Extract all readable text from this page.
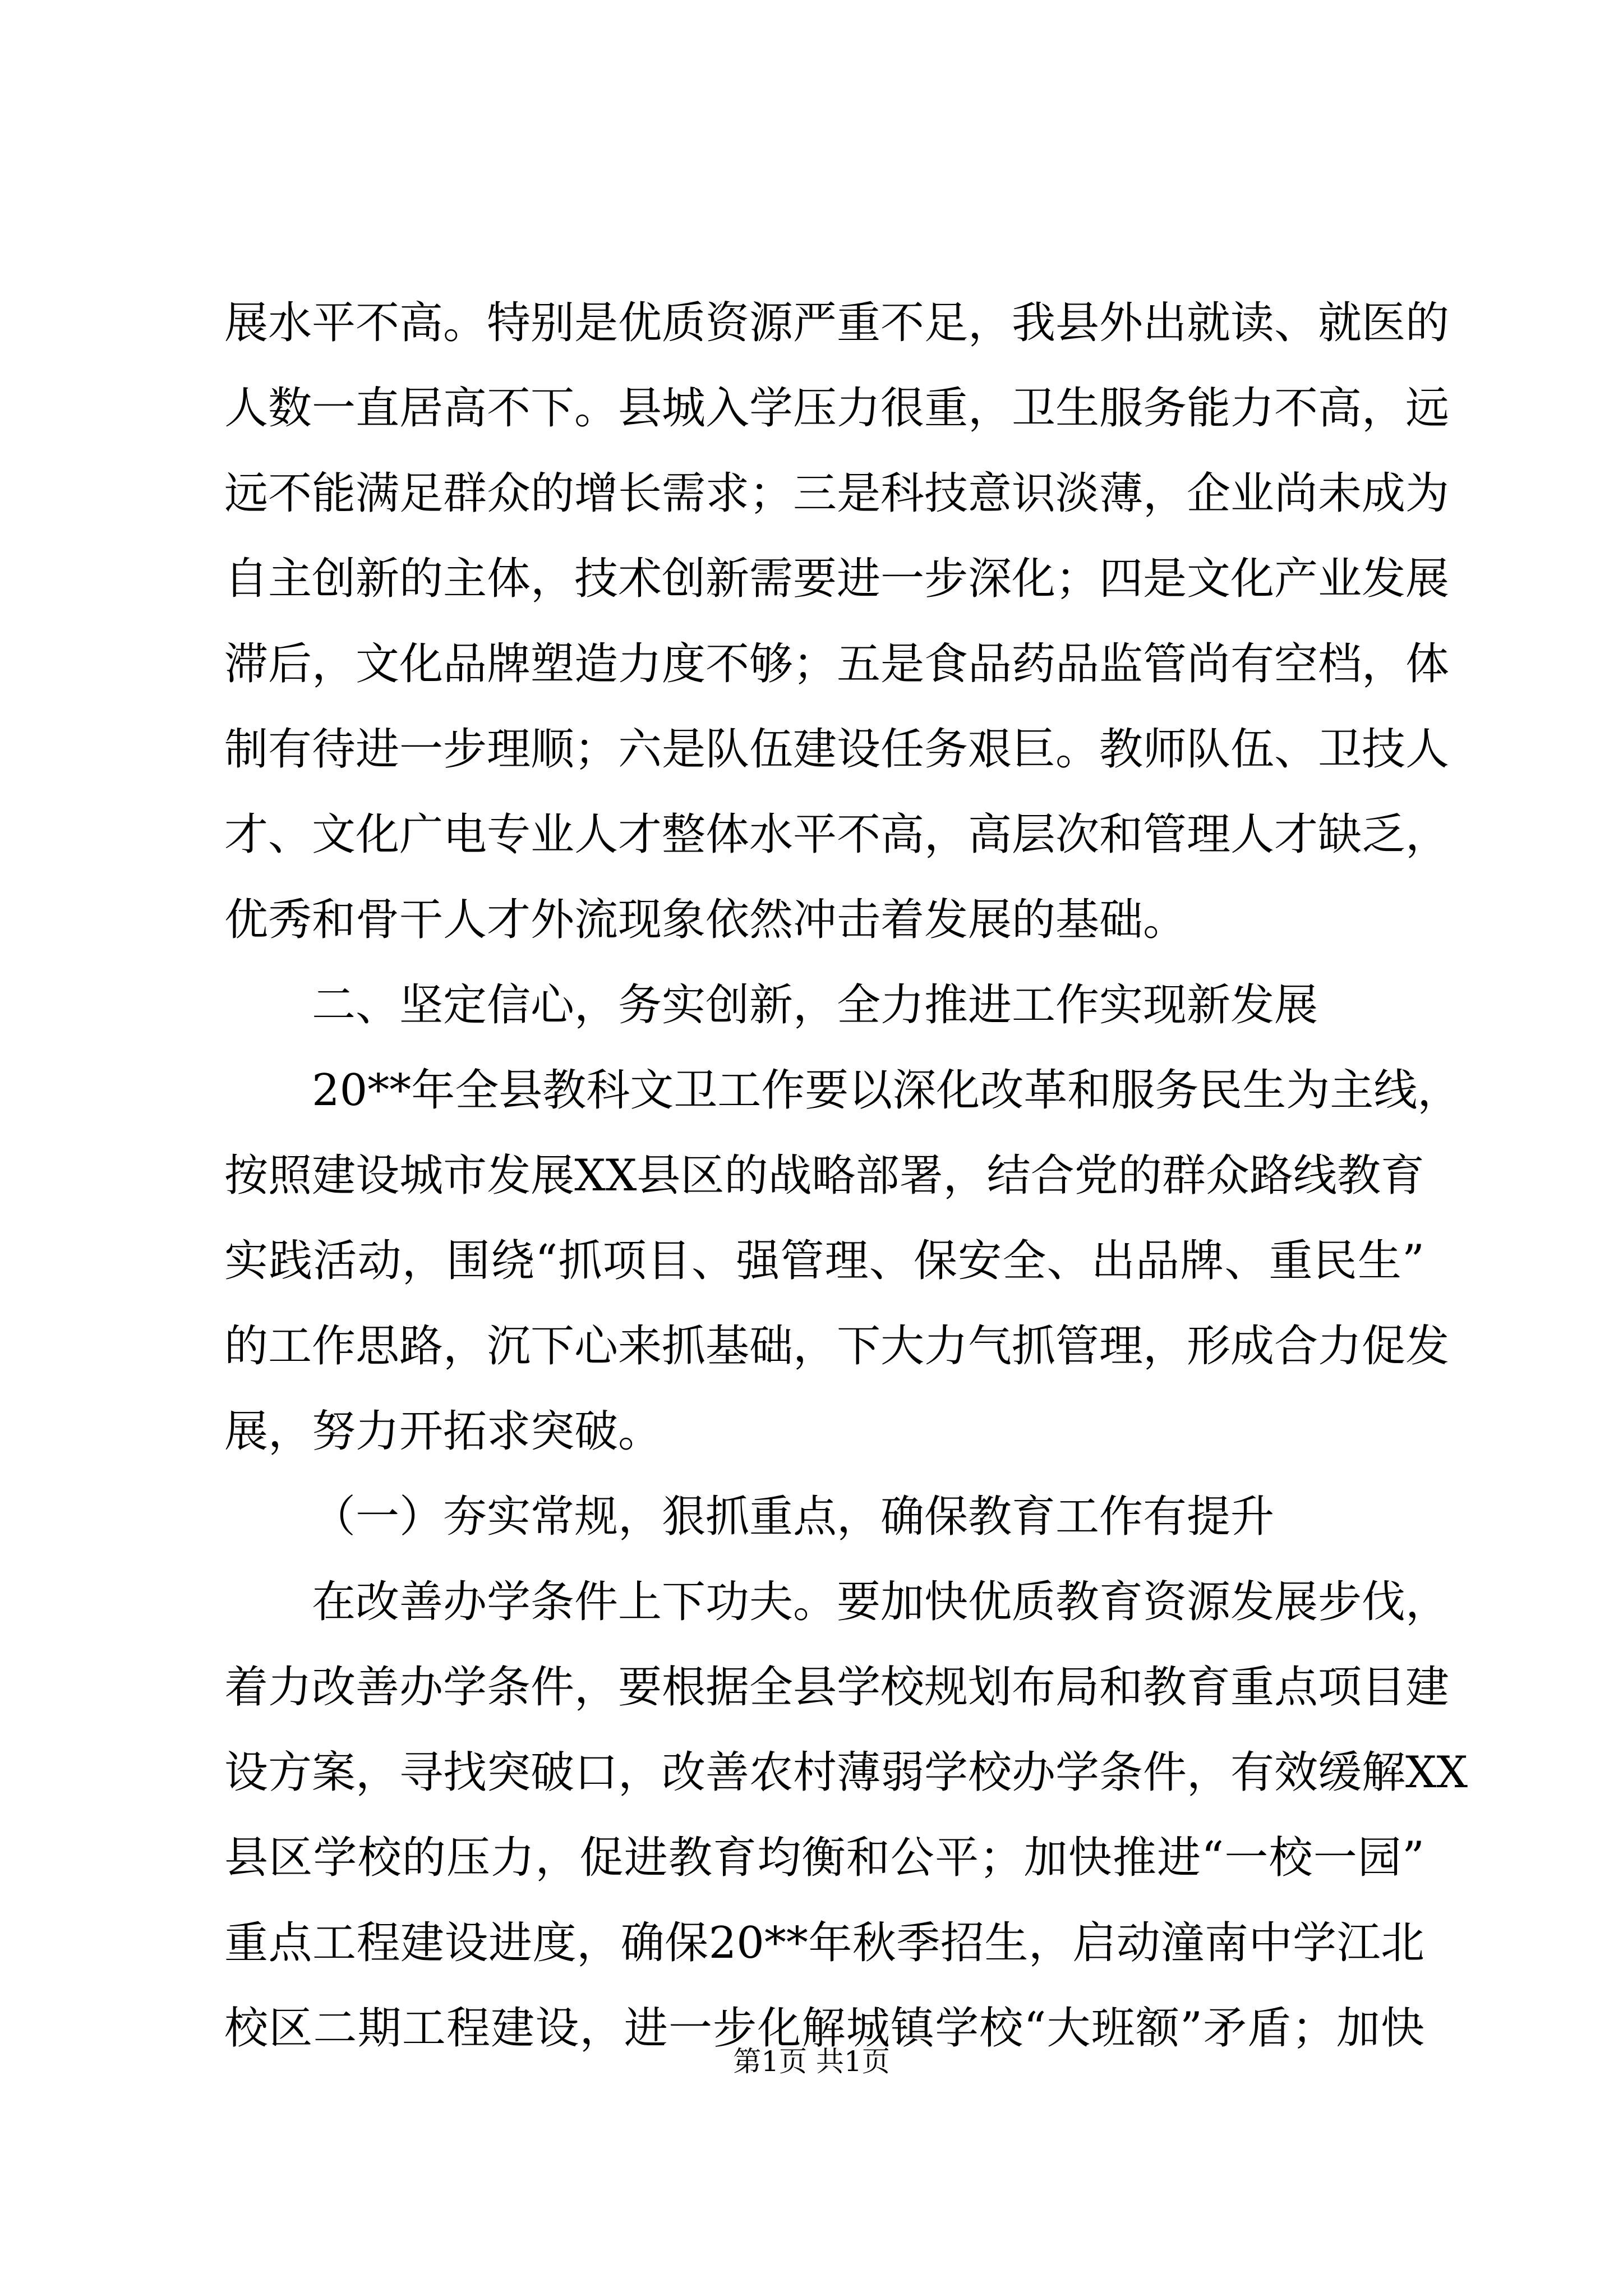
展水平不高。特别是优质资源严重不足，我县外出就读、就医的
人数一直居高不下。县城入学压力很重，卫生服务能力不高，远
远不能满足群众的增长需求；三是科技意识淡薄，企业尚未成为
自主创新的主体，技术创新需要进一步深化；四是文化产业发展
滞后，文化品牌塑造力度不够；五是食品药品监管尚有空档，体
制有待进一步理顺；六是队伍建设任务艰巨。教师队伍、卫技人
才、文化广电专业人才整体水平不高，高层次和管理人才缺乏，
优秀和骨干人才外流现象依然冲击着发展的基础。
二、坚定信心，务实创新，全力推进工作实现新发展
20**年全县教科文卫工作要以深化改革和服务民生为主线，
按照建设城市发展XX县区的战略部署，结合党的群众路线教育
实践活动，围绕“抓项目、强管理、保安全、出品牌、重民生”
的工作思路，沉下心来抓基础，下大力气抓管理，形成合力促发
展，努力开拓求突破。
（一）夯实常规，狠抓重点，确保教育工作有提升
在改善办学条件上下功夫。要加快优质教育资源发展步伐，
着力改善办学条件，要根据全县学校规划布局和教育重点项目建
设方案，寻找突破口，改善农村薄弱学校办学条件，有效缓解XX
县区学校的压力，促进教育均衡和公平；加快推进“一校一园”
重点工程建设进度，确保20**年秋季招生，启动潼南中学江北
校区二期工程建设，进一步化解城镇学校“大班额”矛盾；加快
第1页 共1页
